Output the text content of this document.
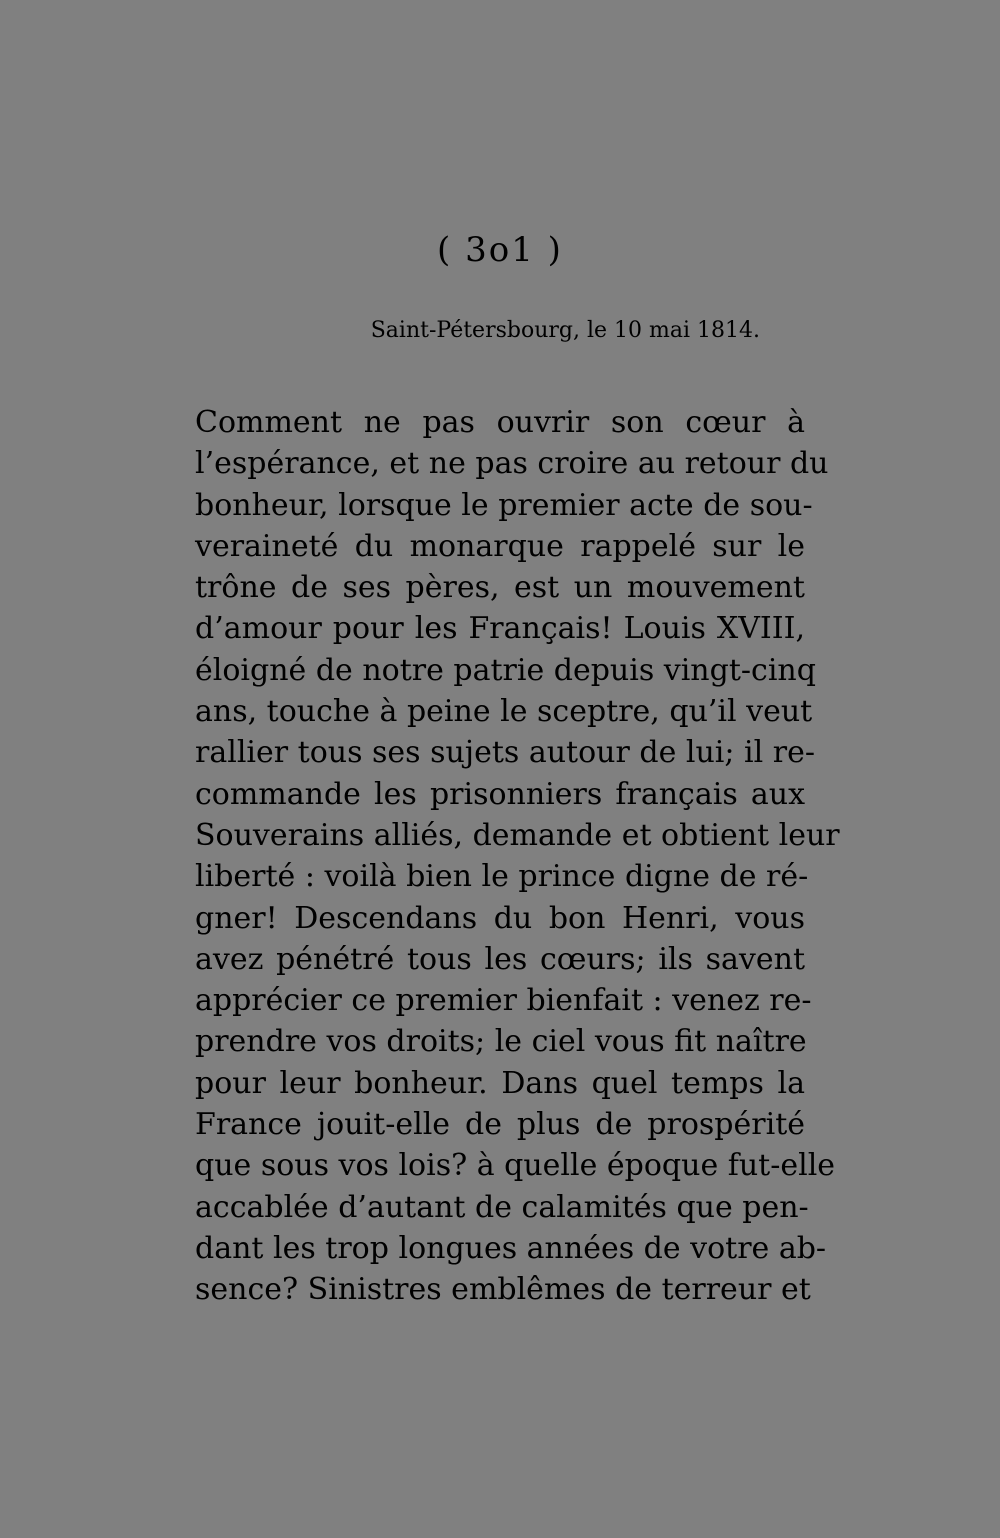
( 3o1 )
Saint-Pétersbourg, le 10 mai 1814.
Comment ne pas ouvrir son cœur à
l’espérance, et ne pas croire au retour du
bonheur, lorsque le premier acte de sou-
veraineté du monarque rappelé sur le
trône de ses pères, est un mouvement
d’amour pour les Français! Louis XVIII,
éloigné de notre patrie depuis vingt-cinq
ans, touche à peine le sceptre, qu’il veut
rallier tous ses sujets autour de lui; il re-
commande les prisonniers français aux
Souverains alliés, demande et obtient leur
liberté : voilà bien le prince digne de ré-
gner! Descendans du bon Henri, vous
avez pénétré tous les cœurs; ils savent
apprécier ce premier bienfait : venez re-
prendre vos droits; le ciel vous fit naître
pour leur bonheur. Dans quel temps la
France jouit-elle de plus de prospérité
que sous vos lois? à quelle époque fut-elle
accablée d’autant de calamités que pen-
dant les trop longues années de votre ab-
sence? Sinistres emblêmes de terreur et
